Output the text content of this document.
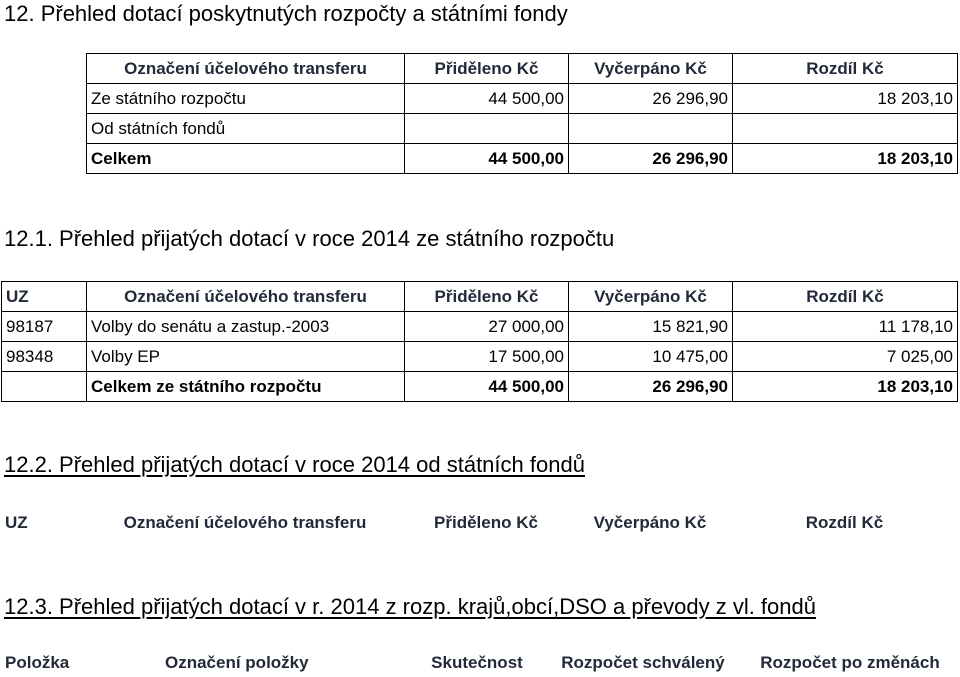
12. Přehled dotací poskytnutých rozpočty a státními fondy
Označení účelového transferu	Přiděleno Kč	Vyčerpáno Kč	Rozdíl Kč
Ze státního rozpočtu	44 500,00	26 296,90	18 203,10
Od státních fondů			
Celkem	44 500,00	26 296,90	18 203,10
12.1. Přehled přijatých dotací v roce 2014 ze státního rozpočtu
UZ	Označení účelového transferu	Přiděleno Kč	Vyčerpáno Kč	Rozdíl Kč
98187	Volby do senátu a zastup.-2003	27 000,00	15 821,90	11 178,10
98348	Volby EP	17 500,00	10 475,00	7 025,00
	Celkem ze státního rozpočtu	44 500,00	26 296,90	18 203,10
12.2. Přehled přijatých dotací v roce 2014 od státních fondů
UZ	Označení účelového transferu	Přiděleno Kč	Vyčerpáno Kč	Rozdíl Kč
12.3. Přehled přijatých dotací v r. 2014 z rozp. krajů,obcí,DSO a převody z vl. fondů
Položka	Označení položky	Skutečnost	Rozpočet schválený	Rozpočet po změnách
